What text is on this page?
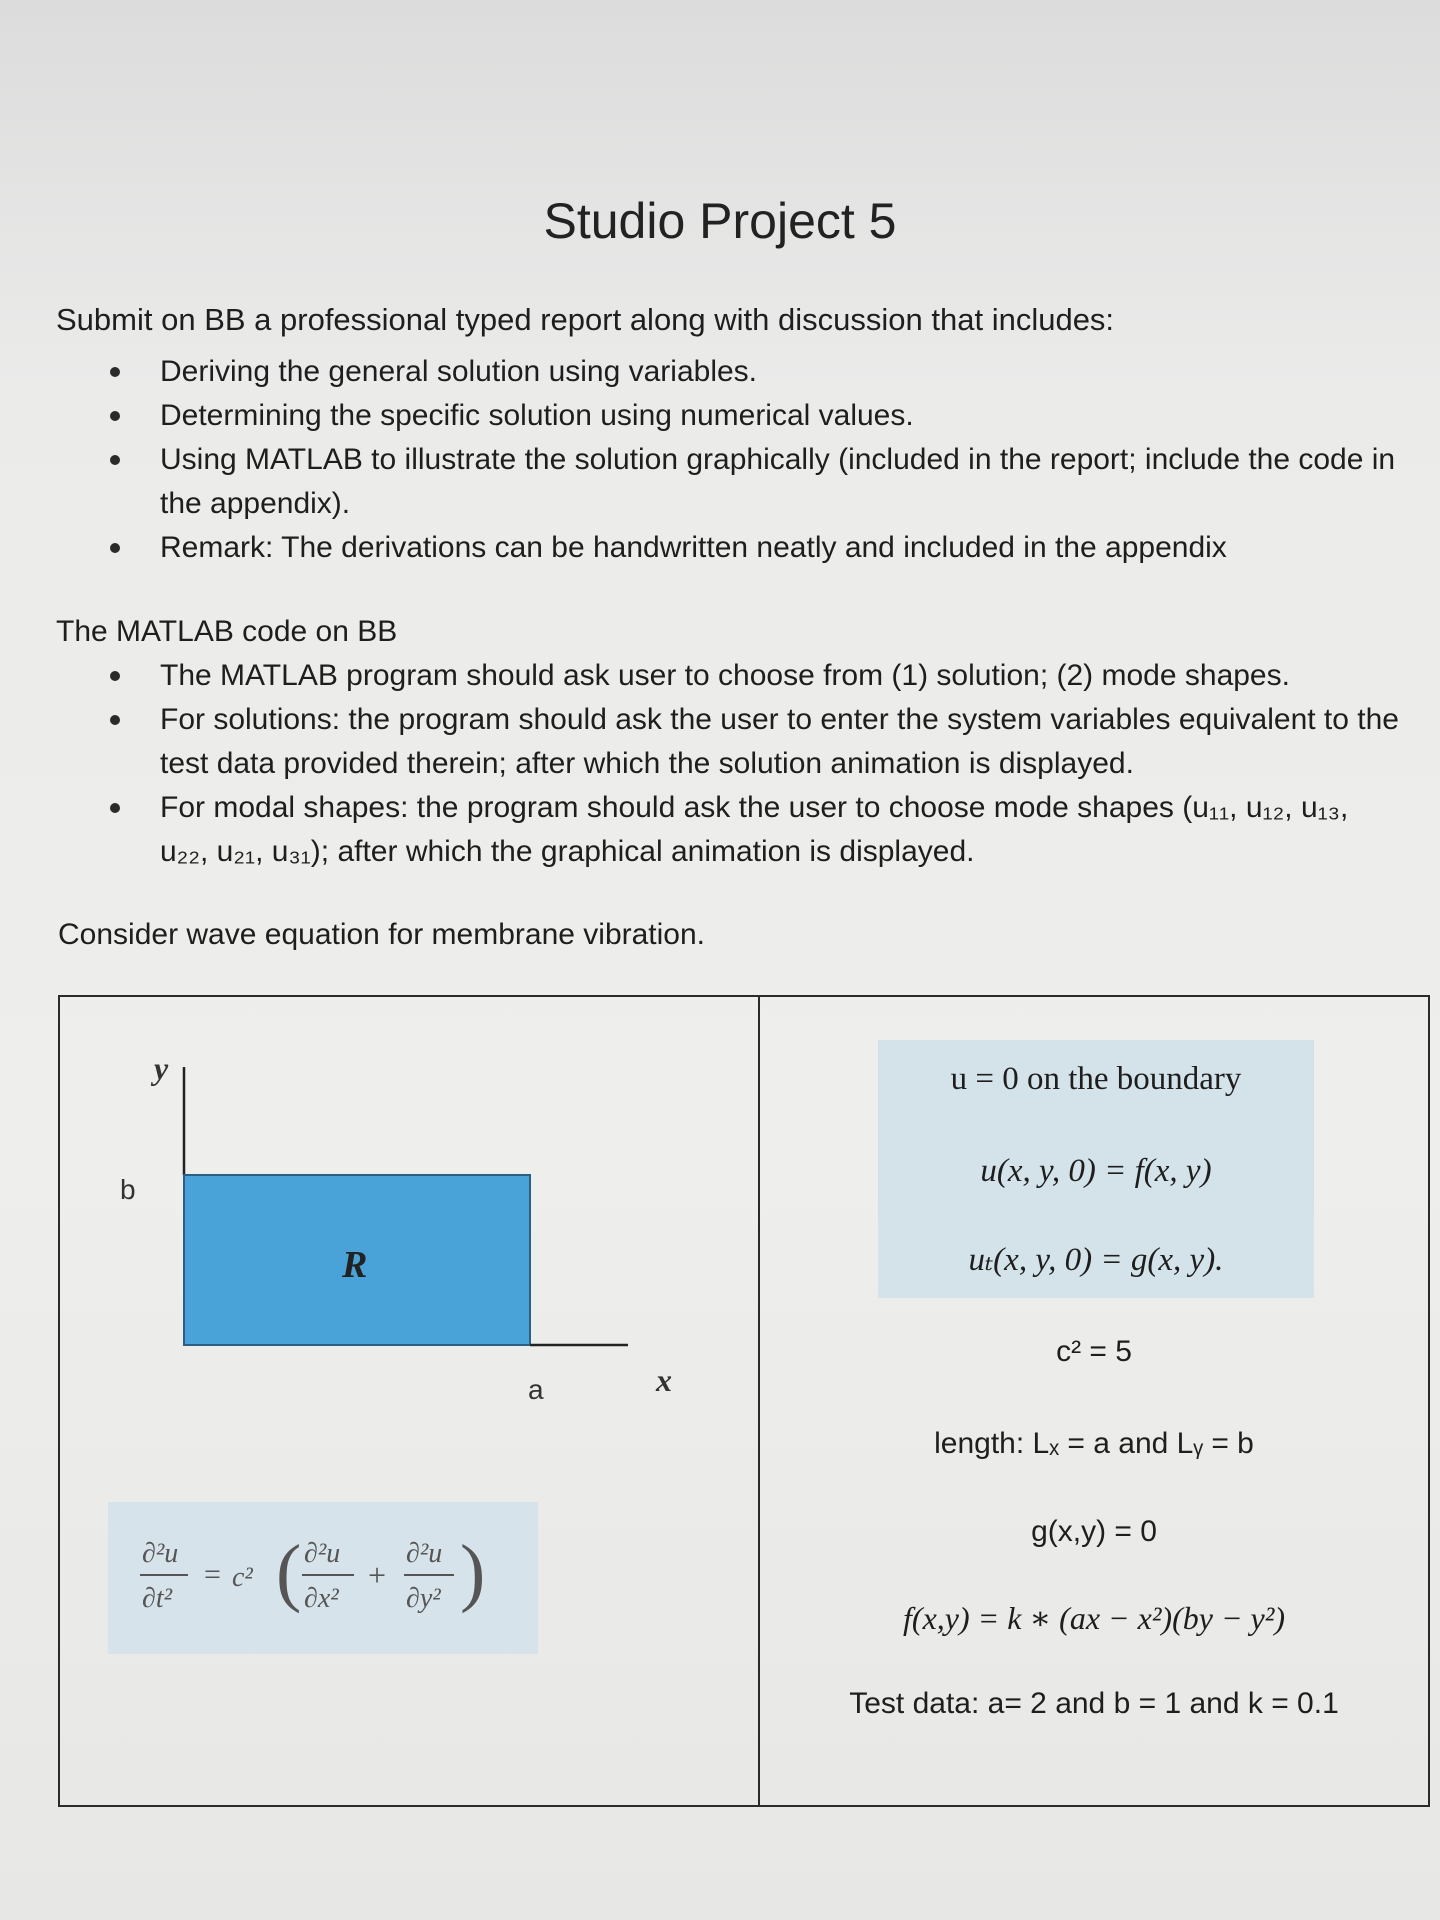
Studio Project 5
Submit on BB a professional typed report along with discussion that includes:
Deriving the general solution using variables.
Determining the specific solution using numerical values.
Using MATLAB to illustrate the solution graphically (included in the report; include the code in the appendix).
Remark: The derivations can be handwritten neatly and included in the appendix
The MATLAB code on BB
The MATLAB program should ask user to choose from (1) solution; (2) mode shapes.
For solutions: the program should ask the user to enter the system variables equivalent to the test data provided therein; after which the solution animation is displayed.
For modal shapes: the program should ask the user to choose mode shapes (u₁₁, u₁₂, u₁₃, u₂₂, u₂₁, u₃₁); after which the graphical animation is displayed.
Consider wave equation for membrane vibration.
y
b
a	x
R
∂²u
∂t²
= c² ( ∂²u
∂x²
+
∂²u
∂y² )
u = 0 on the boundary
u(x, y, 0) = f(x, y)
uₜ(x, y, 0) = g(x, y).
c² = 5
length: Lₓ = a and Lᵧ = b
g(x,y) = 0
f(x,y) = k ∗ (ax − x²)(by − y²)
Test data: a= 2 and b = 1 and k = 0.1
